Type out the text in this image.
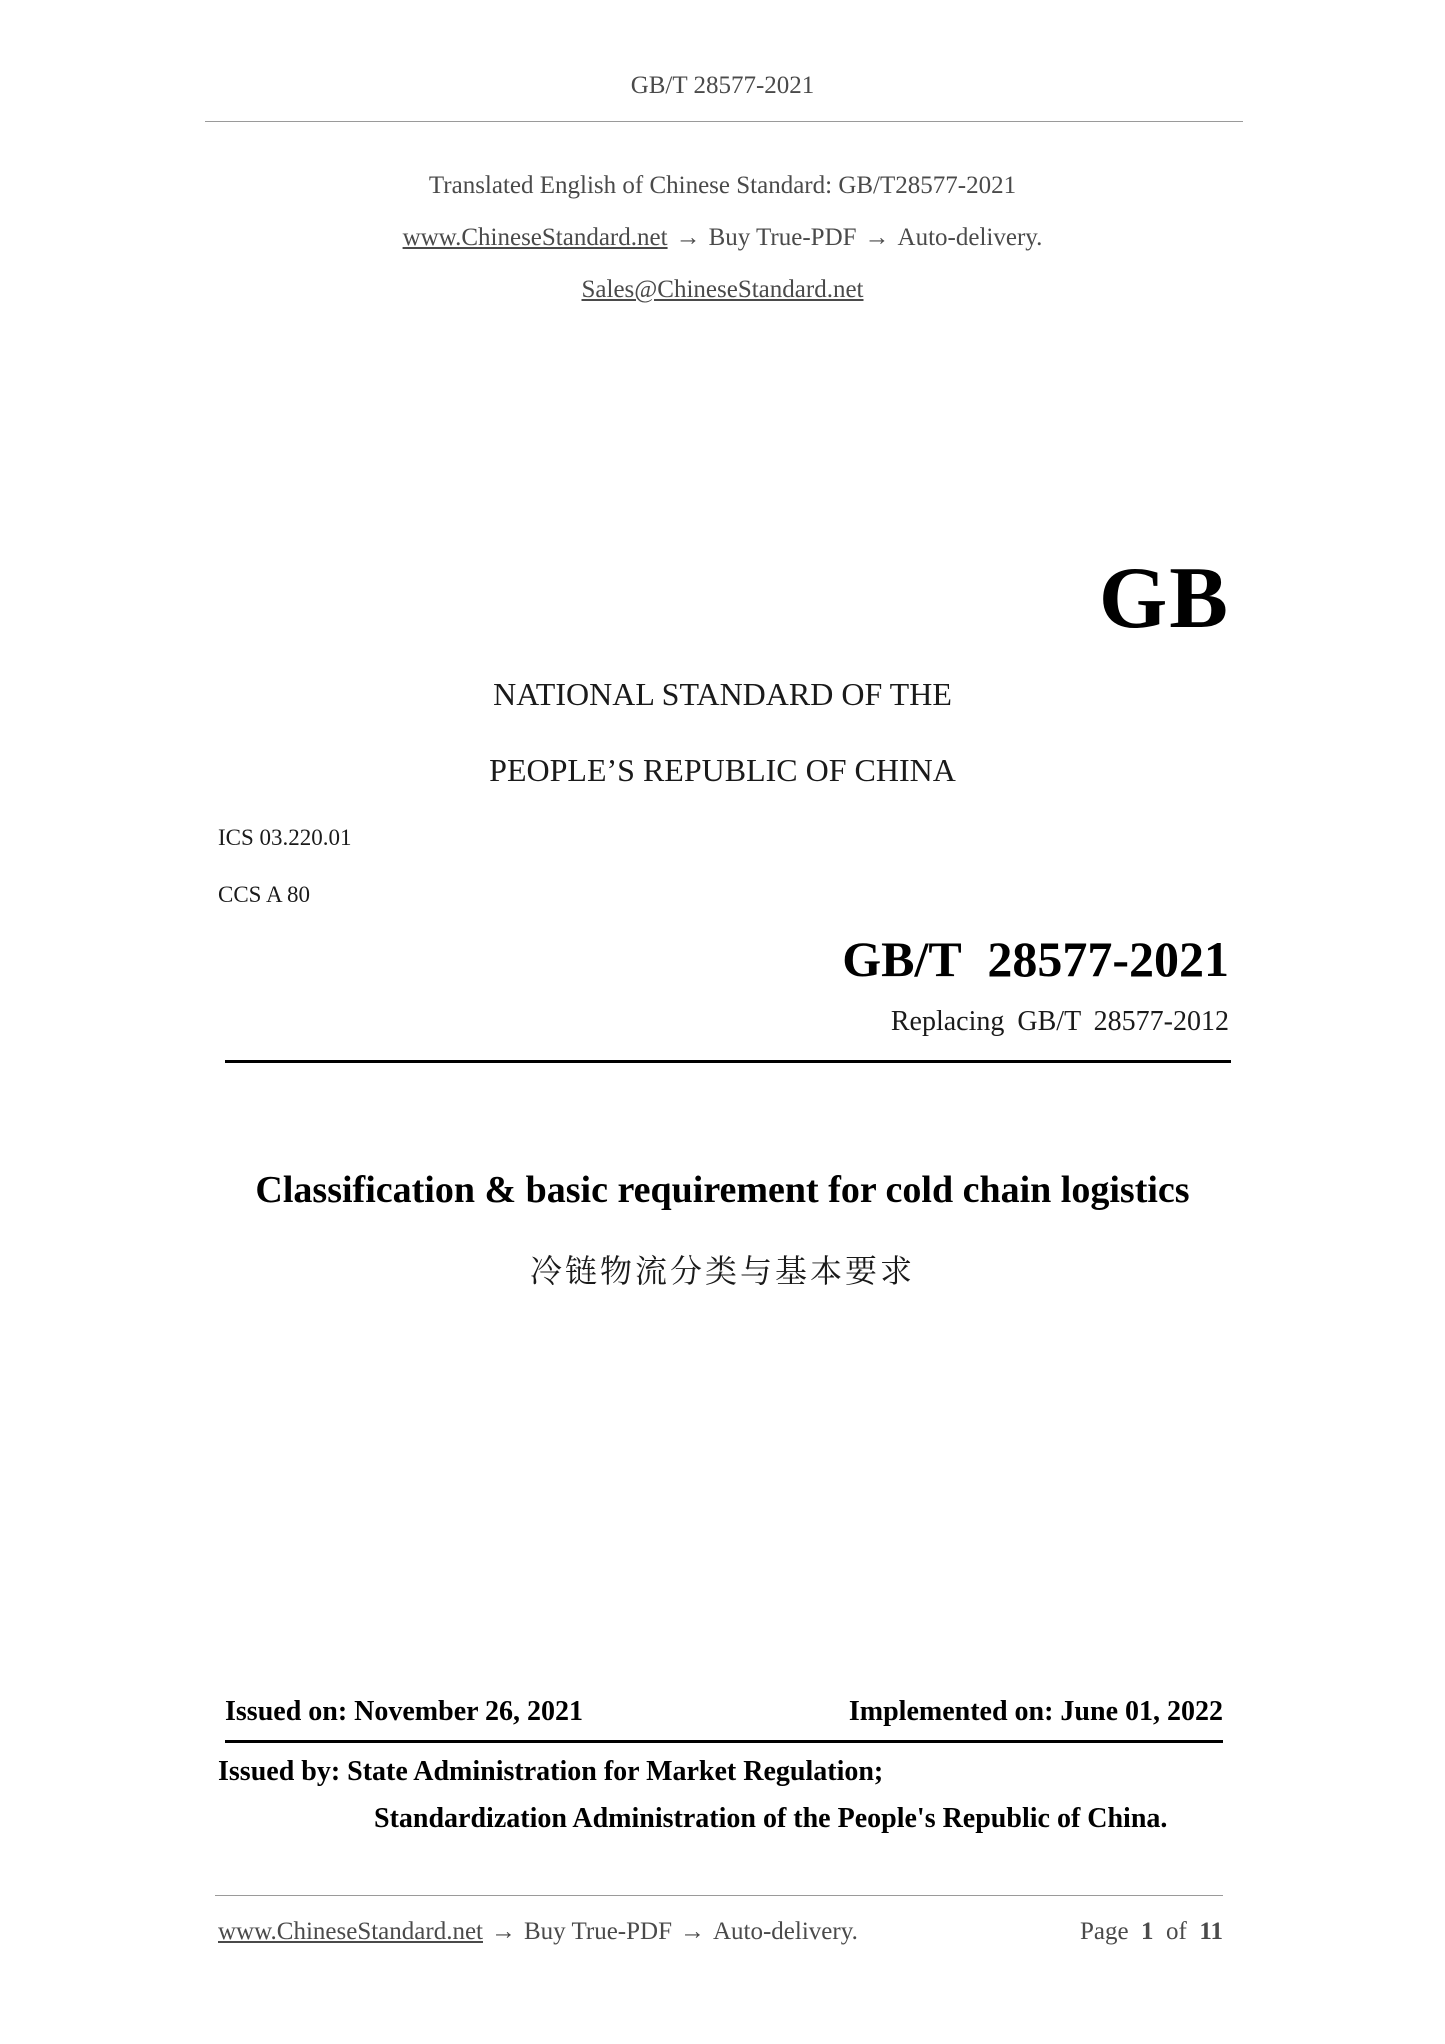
GB/T 28577-2021
Translated English of Chinese Standard: GB/T28577-2021
www.ChineseStandard.net → Buy True-PDF → Auto-delivery.
Sales@ChineseStandard.net
GB
NATIONAL STANDARD OF THE
PEOPLE’S REPUBLIC OF CHINA
ICS 03.220.01
CCS A 80
GB/T 28577-2021
Replacing GB/T 28577-2012
Classification & basic requirement for cold chain logistics
冷链物流分类与基本要求
Issued on: November 26, 2021	Implemented on: June 01, 2022
Issued by: State Administration for Market Regulation;
Standardization Administration of the People's Republic of China.
www.ChineseStandard.net → Buy True-PDF → Auto-delivery.	Page 1 of 11
